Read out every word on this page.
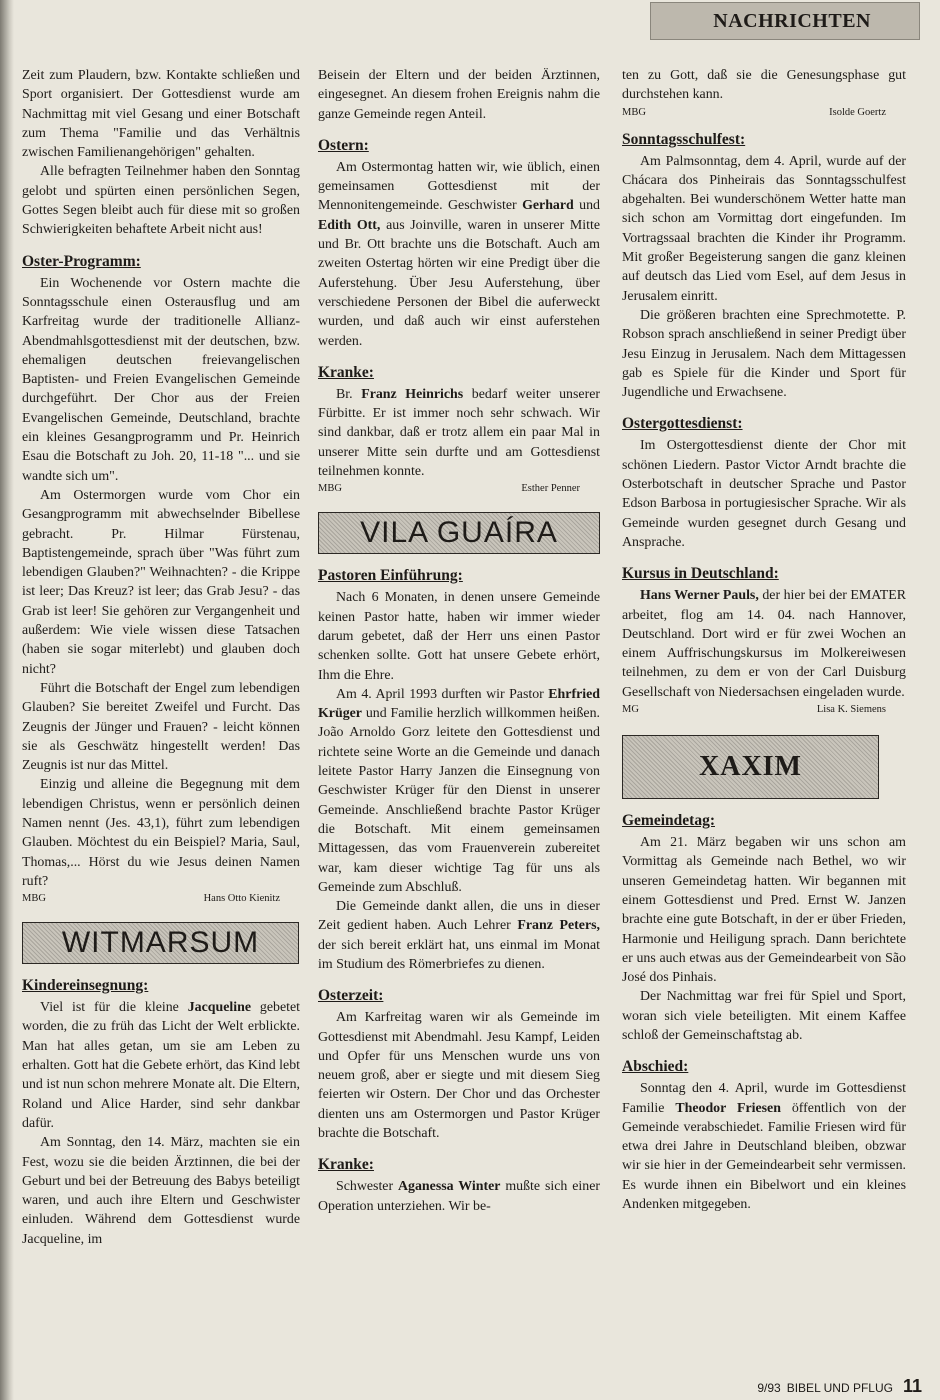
NACHRICHTEN

Zeit zum Plaudern, bzw. Kontakte schließen und Sport organisiert. Der Gottesdienst wurde am Nachmittag mit viel Gesang und einer Botschaft zum Thema "Familie und das Verhältnis zwischen Familienangehörigen" gehalten.

Alle befragten Teilnehmer haben den Sonntag gelobt und spürten einen persönlichen Segen, Gottes Segen bleibt auch für diese mit so großen Schwierigkeiten behaftete Arbeit nicht aus!

Oster-Programm:

Ein Wochenende vor Ostern machte die Sonntagsschule einen Osterausflug und am Karfreitag wurde der traditionelle Allianz-Abendmahlsgottesdienst mit der deutschen, bzw. ehemaligen deutschen freievangelischen Baptisten- und Freien Evangelischen Gemeinde durchgeführt. Der Chor aus der Freien Evangelischen Gemeinde, Deutschland, brachte ein kleines Gesangprogramm und Pr. Heinrich Esau die Botschaft zu Joh. 20, 11-18 "... und sie wandte sich um".

Am Ostermorgen wurde vom Chor ein Gesangprogramm mit abwechselnder Bibellese gebracht. Pr. Hilmar Fürstenau, Baptistengemeinde, sprach über "Was führt zum lebendigen Glauben?" Weihnachten? - die Krippe ist leer; Das Kreuz? ist leer; das Grab Jesu? - das Grab ist leer! Sie gehören zur Vergangenheit und außerdem: Wie viele wissen diese Tatsachen (haben sie sogar miterlebt) und glauben doch nicht?

Führt die Botschaft der Engel zum lebendigen Glauben? Sie bereitet Zweifel und Furcht. Das Zeugnis der Jünger und Frauen? - leicht können sie als Geschwätz hingestellt werden! Das Zeugnis ist nur das Mittel.

Einzig und alleine die Begegnung mit dem lebendigen Christus, wenn er persönlich deinen Namen nennt (Jes. 43,1), führt zum lebendigen Glauben. Möchtest du ein Beispiel? Maria, Saul, Thomas,... Hörst du wie Jesus deinen Namen ruft?

MBG	Hans Otto Kienitz
WITMARSUM
Kindereinsegnung:

Viel ist für die kleine Jacqueline gebetet worden, die zu früh das Licht der Welt erblickte. Man hat alles getan, um sie am Leben zu erhalten. Gott hat die Gebete erhört, das Kind lebt und ist nun schon mehrere Monate alt. Die Eltern, Roland und Alice Harder, sind sehr dankbar dafür.

Am Sonntag, den 14. März, machten sie ein Fest, wozu sie die beiden Ärztinnen, die bei der Geburt und bei der Betreuung des Babys beteiligt waren, und auch ihre Eltern und Geschwister einluden. Während dem Gottesdienst wurde Jacqueline, im

Beisein der Eltern und der beiden Ärztinnen, eingesegnet. An diesem frohen Ereignis nahm die ganze Gemeinde regen Anteil.

Ostern:

Am Ostermontag hatten wir, wie üblich, einen gemeinsamen Gottesdienst mit der Mennonitengemeinde. Geschwister Gerhard und Edith Ott, aus Joinville, waren in unserer Mitte und Br. Ott brachte uns die Botschaft. Auch am zweiten Ostertag hörten wir eine Predigt über die Auferstehung. Über Jesu Auferstehung, über verschiedene Personen der Bibel die auferweckt wurden, und daß auch wir einst auferstehen werden.

Kranke:

Br. Franz Heinrichs bedarf weiter unserer Fürbitte. Er ist immer noch sehr schwach. Wir sind dankbar, daß er trotz allem ein paar Mal in unserer Mitte sein durfte und am Gottesdienst teilnehmen konnte.

MBG	Esther Penner
VILA GUAÍRA
Pastoren Einführung:

Nach 6 Monaten, in denen unsere Gemeinde keinen Pastor hatte, haben wir immer wieder darum gebetet, daß der Herr uns einen Pastor schenken sollte. Gott hat unsere Gebete erhört, Ihm die Ehre.

Am 4. April 1993 durften wir Pastor Ehrfried Krüger und Familie herzlich willkommen heißen. João Arnoldo Gorz leitete den Gottesdienst und richtete seine Worte an die Gemeinde und danach leitete Pastor Harry Janzen die Einsegnung von Geschwister Krüger für den Dienst in unserer Gemeinde. Anschließend brachte Pastor Krüger die Botschaft. Mit einem gemeinsamen Mittagessen, das vom Frauenverein zubereitet war, kam dieser wichtige Tag für uns als Gemeinde zum Abschluß.

Die Gemeinde dankt allen, die uns in dieser Zeit gedient haben. Auch Lehrer Franz Peters, der sich bereit erklärt hat, uns einmal im Monat im Studium des Römerbriefes zu dienen.

Osterzeit:

Am Karfreitag waren wir als Gemeinde im Gottesdienst mit Abendmahl. Jesu Kampf, Leiden und Opfer für uns Menschen wurde uns von neuem groß, aber er siegte und mit diesem Sieg feierten wir Ostern. Der Chor und das Orchester dienten uns am Ostermorgen und Pastor Krüger brachte die Botschaft.

Kranke:

Schwester Aganessa Winter mußte sich einer Operation unterziehen. Wir be-

ten zu Gott, daß sie die Genesungsphase gut durchstehen kann.

MBG	Isolde Goertz
Sonntagsschulfest:

Am Palmsonntag, dem 4. April, wurde auf der Chácara dos Pinheirais das Sonntagsschulfest abgehalten. Bei wunderschönem Wetter hatte man sich schon am Vormittag dort eingefunden. Im Vortragssaal brachten die Kinder ihr Programm. Mit großer Begeisterung sangen die ganz kleinen auf deutsch das Lied vom Esel, auf dem Jesus in Jerusalem einritt.

Die größeren brachten eine Sprechmotette. P. Robson sprach anschließend in seiner Predigt über Jesu Einzug in Jerusalem. Nach dem Mittagessen gab es Spiele für die Kinder und Sport für Jugendliche und Erwachsene.

Ostergottesdienst:

Im Ostergottesdienst diente der Chor mit schönen Liedern. Pastor Victor Arndt brachte die Osterbotschaft in deutscher Sprache und Pastor Edson Barbosa in portugiesischer Sprache. Wir als Gemeinde wurden gesegnet durch Gesang und Ansprache.

Kursus in Deutschland:

Hans Werner Pauls, der hier bei der EMATER arbeitet, flog am 14. 04. nach Hannover, Deutschland. Dort wird er für zwei Wochen an einem Auffrischungskursus im Molkereiwesen teilnehmen, zu dem er von der Carl Duisburg Gesellschaft von Niedersachsen eingeladen wurde.

MG	Lisa K. Siemens
XAXIM
Gemeindetag:

Am 21. März begaben wir uns schon am Vormittag als Gemeinde nach Bethel, wo wir unseren Gemeindetag hatten. Wir begannen mit einem Gottesdienst und Pred. Ernst W. Janzen brachte eine gute Botschaft, in der er über Frieden, Harmonie und Heiligung sprach. Dann berichtete er uns auch etwas aus der Gemeindearbeit von São José dos Pinhais.

Der Nachmittag war frei für Spiel und Sport, woran sich viele beteiligten. Mit einem Kaffee schloß der Gemeinschaftstag ab.

Abschied:

Sonntag den 4. April, wurde im Gottesdienst Familie Theodor Friesen öffentlich von der Gemeinde verabschiedet. Familie Friesen wird für etwa drei Jahre in Deutschland bleiben, obzwar wir sie hier in der Gemeindearbeit sehr vermissen. Es wurde ihnen ein Bibelwort und ein kleines Andenken mitgegeben.

9/93 BIBEL UND PFLUG 11
